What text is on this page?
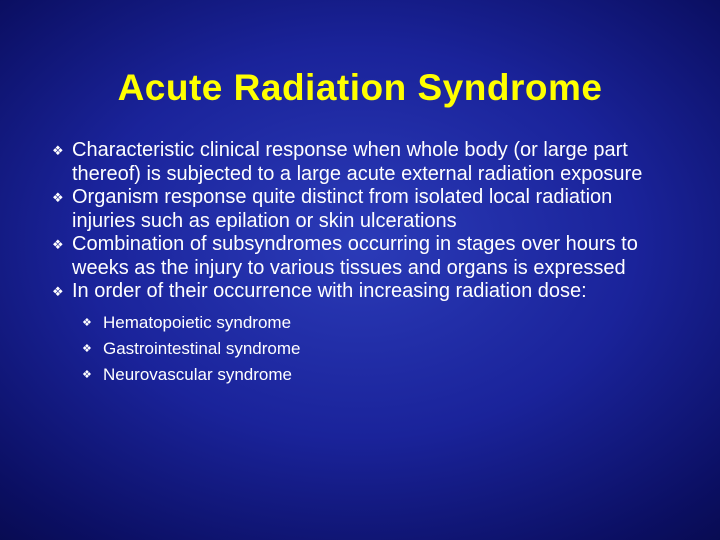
Acute Radiation Syndrome
❖ Characteristic clinical response when whole body (or large part thereof) is subjected to a large acute external radiation exposure
❖ Organism response quite distinct from isolated local radiation injuries such as epilation or skin ulcerations
❖ Combination of subsyndromes occurring in stages over hours to weeks as the injury to various tissues and organs is expressed
❖ In order of their occurrence with increasing radiation dose:
❖ Hematopoietic syndrome
❖ Gastrointestinal syndrome
❖ Neurovascular syndrome
